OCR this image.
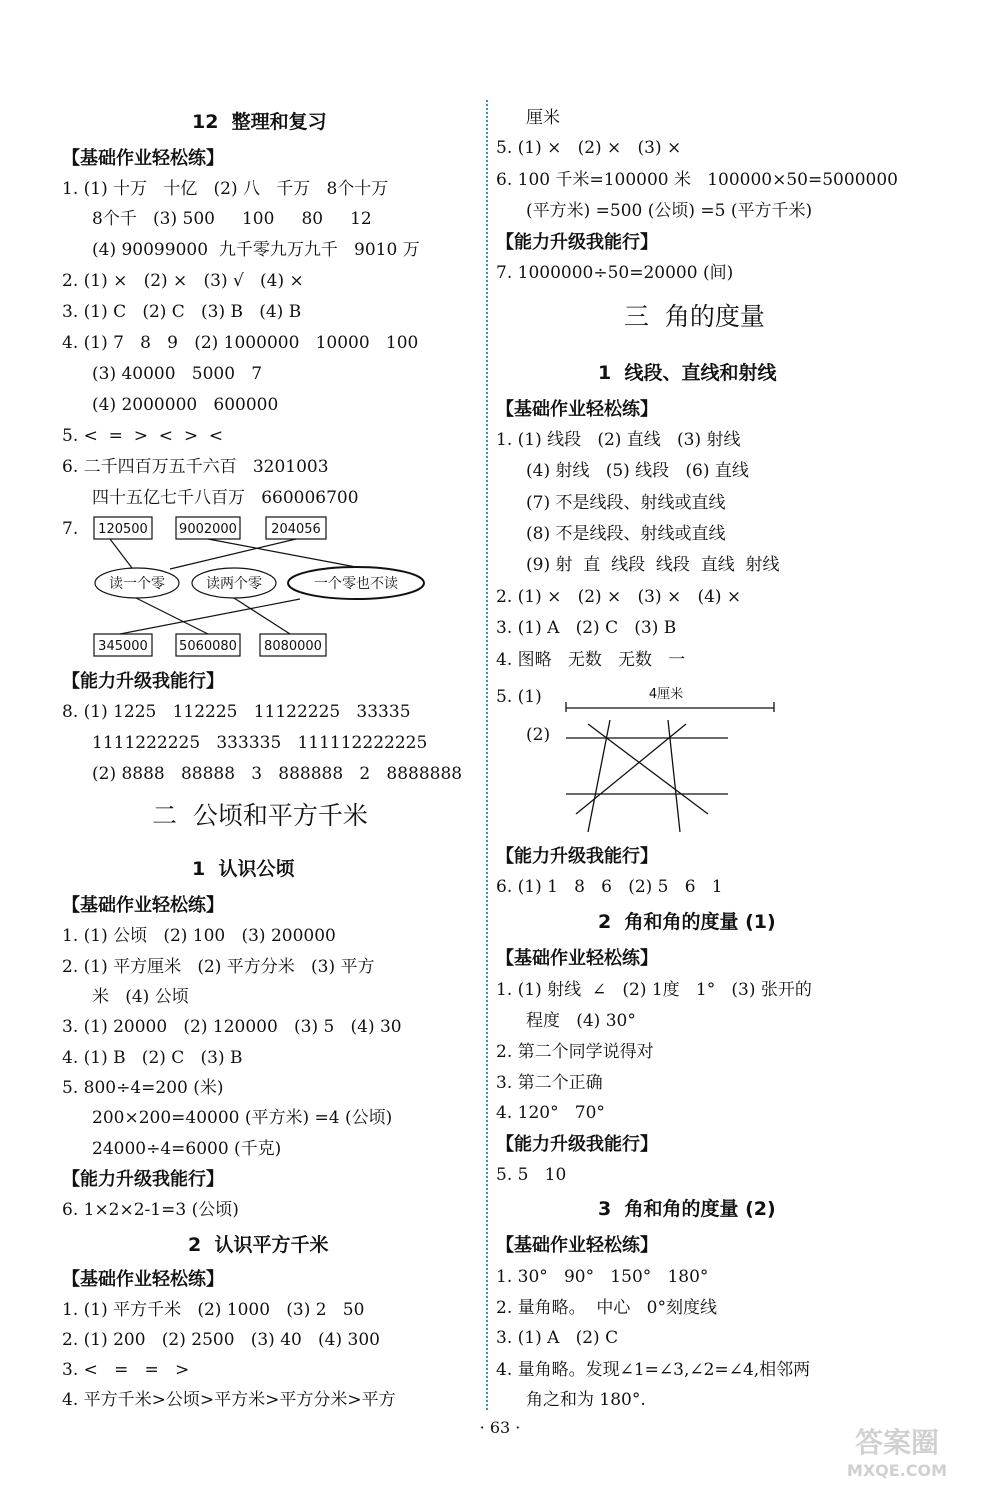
12  整理和复习
【基础作业轻松练】
1. (1) 十万   十亿   (2) 八   千万   8个十万
8个千   (3) 500     100     80     12
(4) 90099000  九千零九万九千   9010 万
2. (1) ×   (2) ×   (3) √   (4) ×
3. (1) C   (2) C   (3) B   (4) B
4. (1) 7   8   9   (2) 1000000   10000   100
(3) 40000   5000   7
(4) 2000000   600000
5. <  =  >  <  >  <
6. 二千四百万五千六百   3201003
四十五亿七千八百万   660006700
7.
【能力升级我能行】
8. (1) 1225   112225   11122225   33335
1111222225   333335   111112222225
(2) 8888   88888   3   888888   2   8888888
二  公顷和平方千米
1  认识公顷
【基础作业轻松练】
1. (1) 公顷   (2) 100   (3) 200000
2. (1) 平方厘米   (2) 平方分米   (3) 平方
米   (4) 公顷
3. (1) 20000   (2) 120000   (3) 5   (4) 30
4. (1) B   (2) C   (3) B
5. 800÷4=200 (米)
200×200=40000 (平方米) =4 (公顷)
24000÷4=6000 (千克)
【能力升级我能行】
6. 1×2×2-1=3 (公顷)
2  认识平方千米
【基础作业轻松练】
1. (1) 平方千米   (2) 1000   (3) 2   50
2. (1) 200   (2) 2500   (3) 40   (4) 300
3. <   =   =   >
4. 平方千米>公顷>平方米>平方分米>平方
厘米
5. (1) ×   (2) ×   (3) ×
6. 100 千米=100000 米   100000×50=5000000
(平方米) =500 (公顷) =5 (平方千米)
【能力升级我能行】
7. 1000000÷50=20000 (间)
三  角的度量
1  线段、直线和射线
【基础作业轻松练】
1. (1) 线段   (2) 直线   (3) 射线
(4) 射线   (5) 线段   (6) 直线
(7) 不是线段、射线或直线
(8) 不是线段、射线或直线
(9) 射  直  线段  线段  直线  射线
2. (1) ×   (2) ×   (3) ×   (4) ×
3. (1) A   (2) C   (3) B
4. 图略   无数   无数   一
5. (1)
(2)
【能力升级我能行】
6. (1) 1   8   6   (2) 5   6   1
2  角和角的度量 (1)
【基础作业轻松练】
1. (1) 射线  ∠   (2) 1度   1°   (3) 张开的
程度   (4) 30°
2. 第二个同学说得对
3. 第二个正确
4. 120°   70°
【能力升级我能行】
5. 5   10
3  角和角的度量 (2)
【基础作业轻松练】
1. 30°   90°   150°   180°
2. 量角略。  中心   0°刻度线
3. (1) A   (2) C
4. 量角略。发现∠1=∠3,∠2=∠4,相邻两
角之和为 180°.
120500 9002000	204056
读一个零	读两个零	一个零也不读
345000 5060080 8080000
4厘米
· 63 ·	答案圈
MXQE.COM
